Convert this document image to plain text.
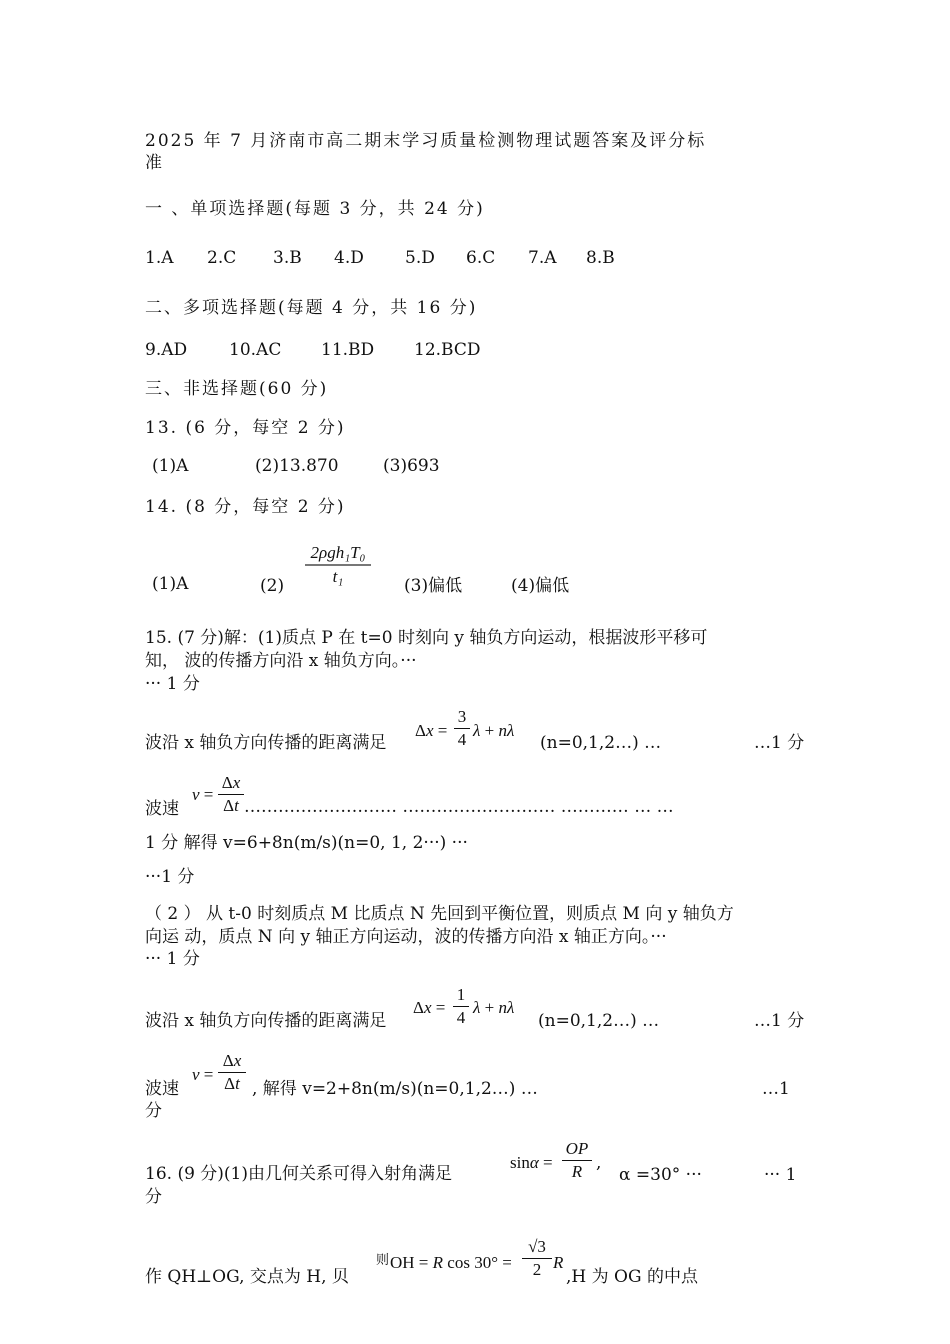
2025 年 7 月济南市高二期末学习质量检测物理试题答案及评分标
准
一 、单项选择题(每题 3 分，共 24 分)
1.A 2.C 3.B 4.D 5.D 6.C 7.A 8.B
二、多项选择题(每题 4 分，共 16 分)
9.AD 10.AC 11.BD 12.BCD
三、非选择题(60 分)
13. (6 分，每空 2 分)
(1)A	(2)13.870	(3)693
14. (8 分，每空 2 分)
(1)A	(2)
2ρgh₁T₀
t₁	(3)偏低	(4)偏低
15. (7 分)解：(1)质点 P 在 t=0 时刻向 y 轴负方向运动，根据波形平移可
知， 波的传播方向沿 x 轴负方向。···
··· 1 分
波沿 x 轴负方向传播的距离满足
$\Delta x = \frac{3}{4}$ λ + nλ
(n=0,1,2…) …	…1 分
波速
$v = \frac{\Delta x}{\Delta t}$ ……………………… ……………………… ………… … …
1 分 解得 v=6+8n(m/s)(n=0, 1, 2···) ···
···1 分
（ 2 ） 从 t-0 时刻质点 M 比质点 N 先回到平衡位置，则质点 M 向 y 轴负方
向运 动，质点 N 向 y 轴正方向运动，波的传播方向沿 x 轴正方向。···
··· 1 分
波沿 x 轴负方向传播的距离满足
$\Delta x = \frac{1}{4}$ λ + nλ
(n=0,1,2…) …	…1 分
波速
$v = \frac{\Delta x}{\Delta t}$ , 解得 v=2+8n(m/s)(n=0,1,2…) …	…1
分
16. (9 分)(1)由几何关系可得入射角满足
$\sin\alpha = \frac{OP}{R}$ ,
α =30° ···	··· 1
分
作 QH⊥OG, 交点为 H, 贝
则 OH = R $\cos 30^\circ = \frac{√3}{2}$ R
,H 为 OG 的中点
